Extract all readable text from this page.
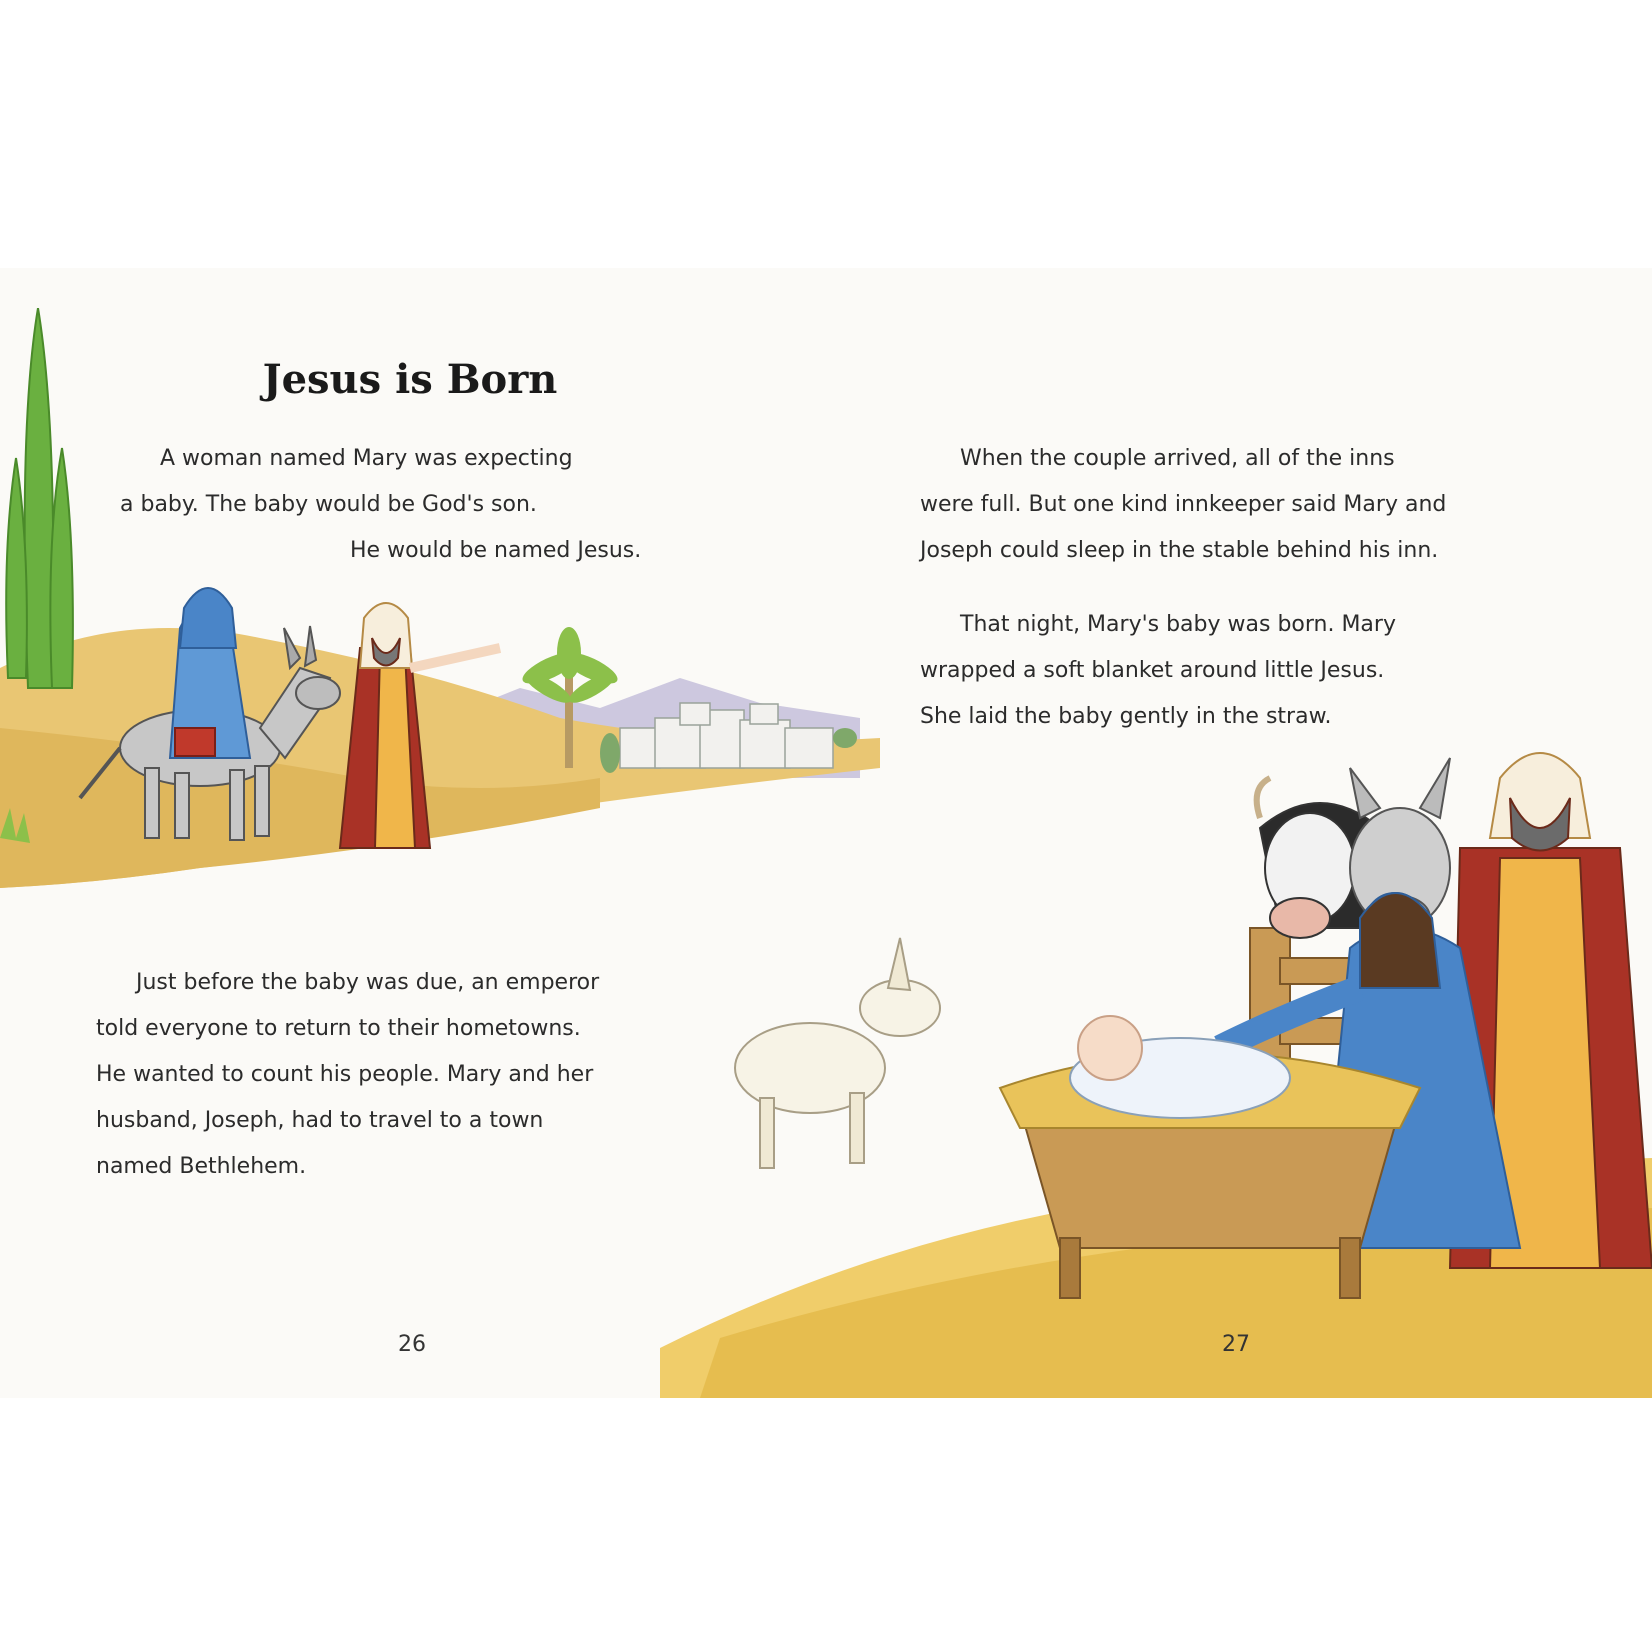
Jesus is Born
A woman named Mary was expecting
a baby. The baby would be God's son.
He would be named Jesus.
Just before the baby was due, an emperor
told everyone to return to their hometowns.
He wanted to count his people. Mary and her
husband, Joseph, had to travel to a town
named Bethlehem.
26
When the couple arrived, all of the inns
were full. But one kind innkeeper said Mary and
Joseph could sleep in the stable behind his inn.
That night, Mary's baby was born. Mary
wrapped a soft blanket around little Jesus.
She laid the baby gently in the straw.
27
